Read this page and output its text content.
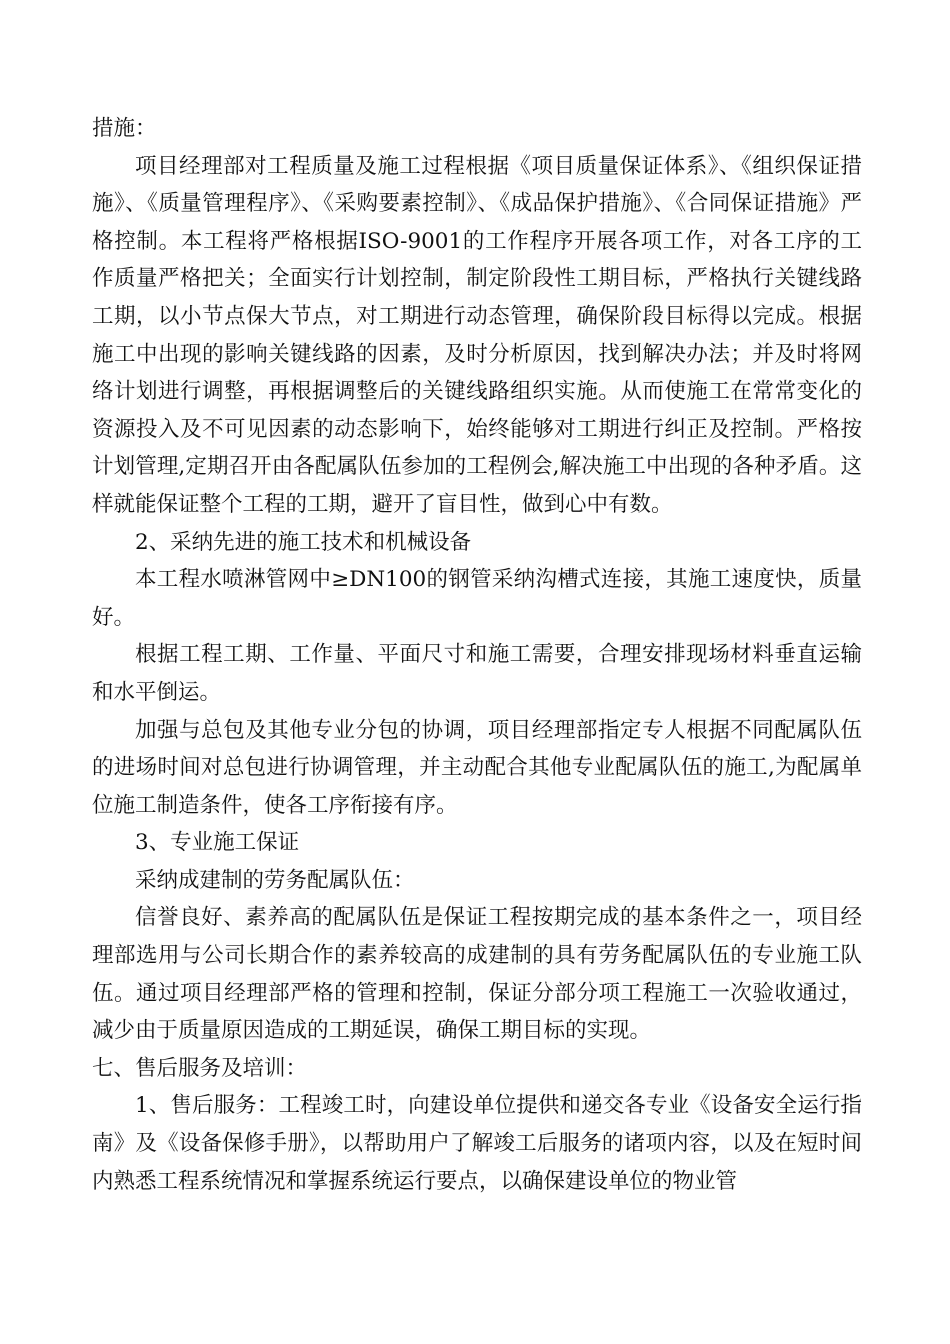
措施：

项目经理部对工程质量及施工过程根据《项目质量保证体系》、《组织保证措施》、《质量管理程序》、《采购要素控制》、《成品保护措施》、《合同保证措施》严格控制。本工程将严格根据ISO-9001的工作程序开展各项工作，对各工序的工作质量严格把关；全面实行计划控制，制定阶段性工期目标，严格执行关键线路工期，以小节点保大节点，对工期进行动态管理，确保阶段目标得以完成。根据施工中出现的影响关键线路的因素，及时分析原因，找到解决办法；并及时将网络计划进行调整，再根据调整后的关键线路组织实施。从而使施工在常常变化的资源投入及不可见因素的动态影响下，始终能够对工期进行纠正及控制。严格按计划管理,定期召开由各配属队伍参加的工程例会,解决施工中出现的各种矛盾。这样就能保证整个工程的工期，避开了盲目性，做到心中有数。

2、采纳先进的施工技术和机械设备

本工程水喷淋管网中≥DN100的钢管采纳沟槽式连接，其施工速度快，质量好。

根据工程工期、工作量、平面尺寸和施工需要，合理安排现场材料垂直运输和水平倒运。

加强与总包及其他专业分包的协调，项目经理部指定专人根据不同配属队伍的进场时间对总包进行协调管理，并主动配合其他专业配属队伍的施工,为配属单位施工制造条件，使各工序衔接有序。

3、专业施工保证

采纳成建制的劳务配属队伍：

信誉良好、素养高的配属队伍是保证工程按期完成的基本条件之一，项目经理部选用与公司长期合作的素养较高的成建制的具有劳务配属队伍的专业施工队伍。通过项目经理部严格的管理和控制，保证分部分项工程施工一次验收通过，减少由于质量原因造成的工期延误，确保工期目标的实现。

七、售后服务及培训：

1、售后服务：工程竣工时，向建设单位提供和递交各专业《设备安全运行指南》及《设备保修手册》，以帮助用户了解竣工后服务的诸项内容，以及在短时间内熟悉工程系统情况和掌握系统运行要点，以确保建设单位的物业管
